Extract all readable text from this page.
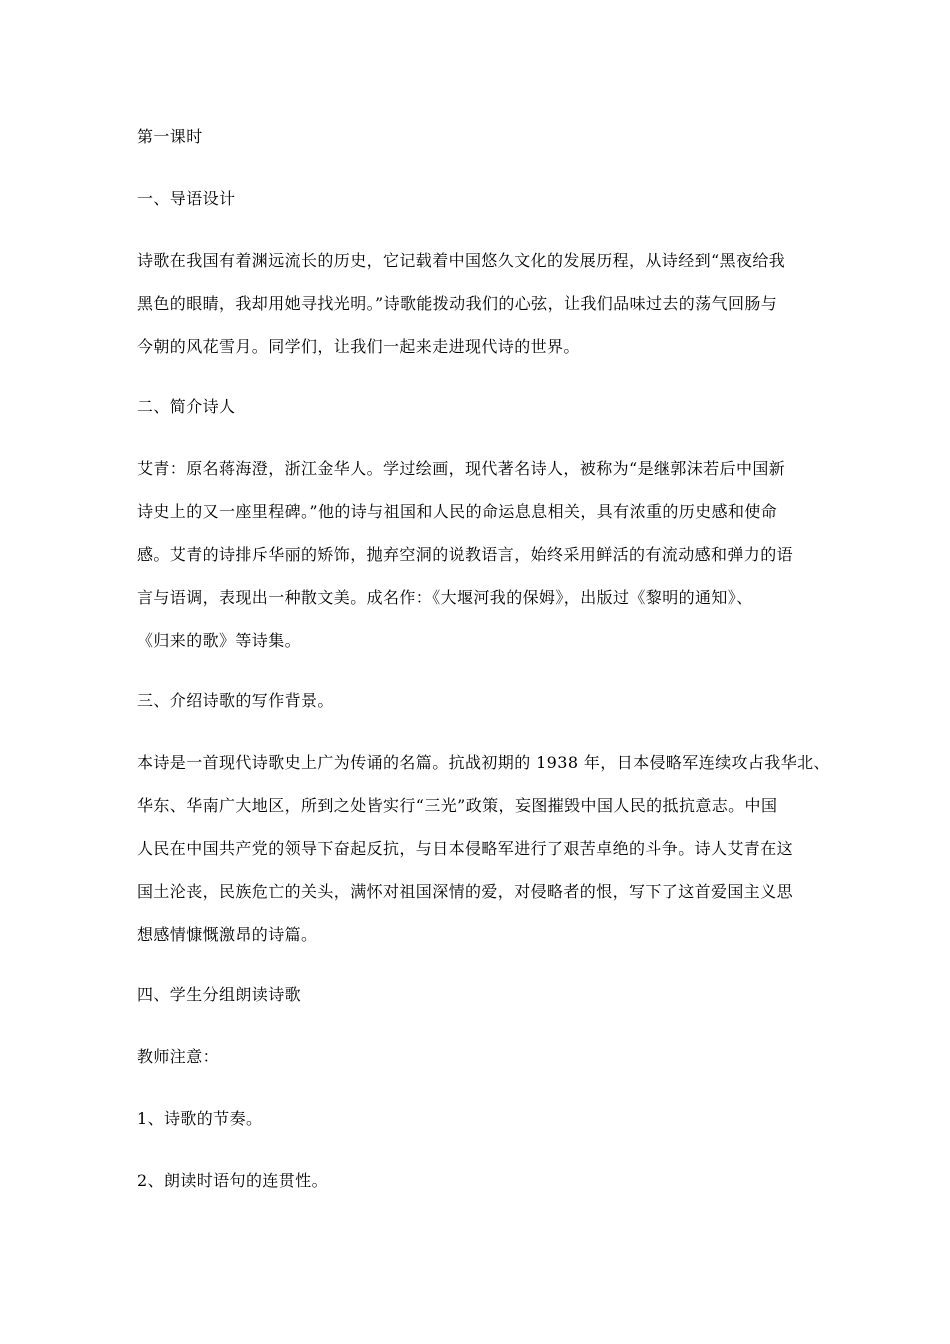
第一课时
一、导语设计
诗歌在我国有着渊远流长的历史，它记载着中国悠久文化的发展历程，从诗经到“黑夜给我
黑色的眼睛，我却用她寻找光明。”诗歌能拨动我们的心弦，让我们品味过去的荡气回肠与
今朝的风花雪月。同学们，让我们一起来走进现代诗的世界。
二、简介诗人
艾青：原名蒋海澄，浙江金华人。学过绘画，现代著名诗人，被称为“是继郭沫若后中国新
诗史上的又一座里程碑。”他的诗与祖国和人民的命运息息相关，具有浓重的历史感和使命
感。艾青的诗排斥华丽的矫饰，抛弃空洞的说教语言，始终采用鲜活的有流动感和弹力的语
言与语调，表现出一种散文美。成名作：《大堰河我的保姆》，出版过《黎明的通知》、
《归来的歌》等诗集。
三、介绍诗歌的写作背景。
本诗是一首现代诗歌史上广为传诵的名篇。抗战初期的 1938 年，日本侵略军连续攻占我华北、
华东、华南广大地区，所到之处皆实行“三光”政策，妄图摧毁中国人民的抵抗意志。中国
人民在中国共产党的领导下奋起反抗，与日本侵略军进行了艰苦卓绝的斗争。诗人艾青在这
国土沦丧，民族危亡的关头，满怀对祖国深情的爱，对侵略者的恨，写下了这首爱国主义思
想感情慷慨激昂的诗篇。
四、学生分组朗读诗歌
教师注意：
1、诗歌的节奏。
2、朗读时语句的连贯性。
